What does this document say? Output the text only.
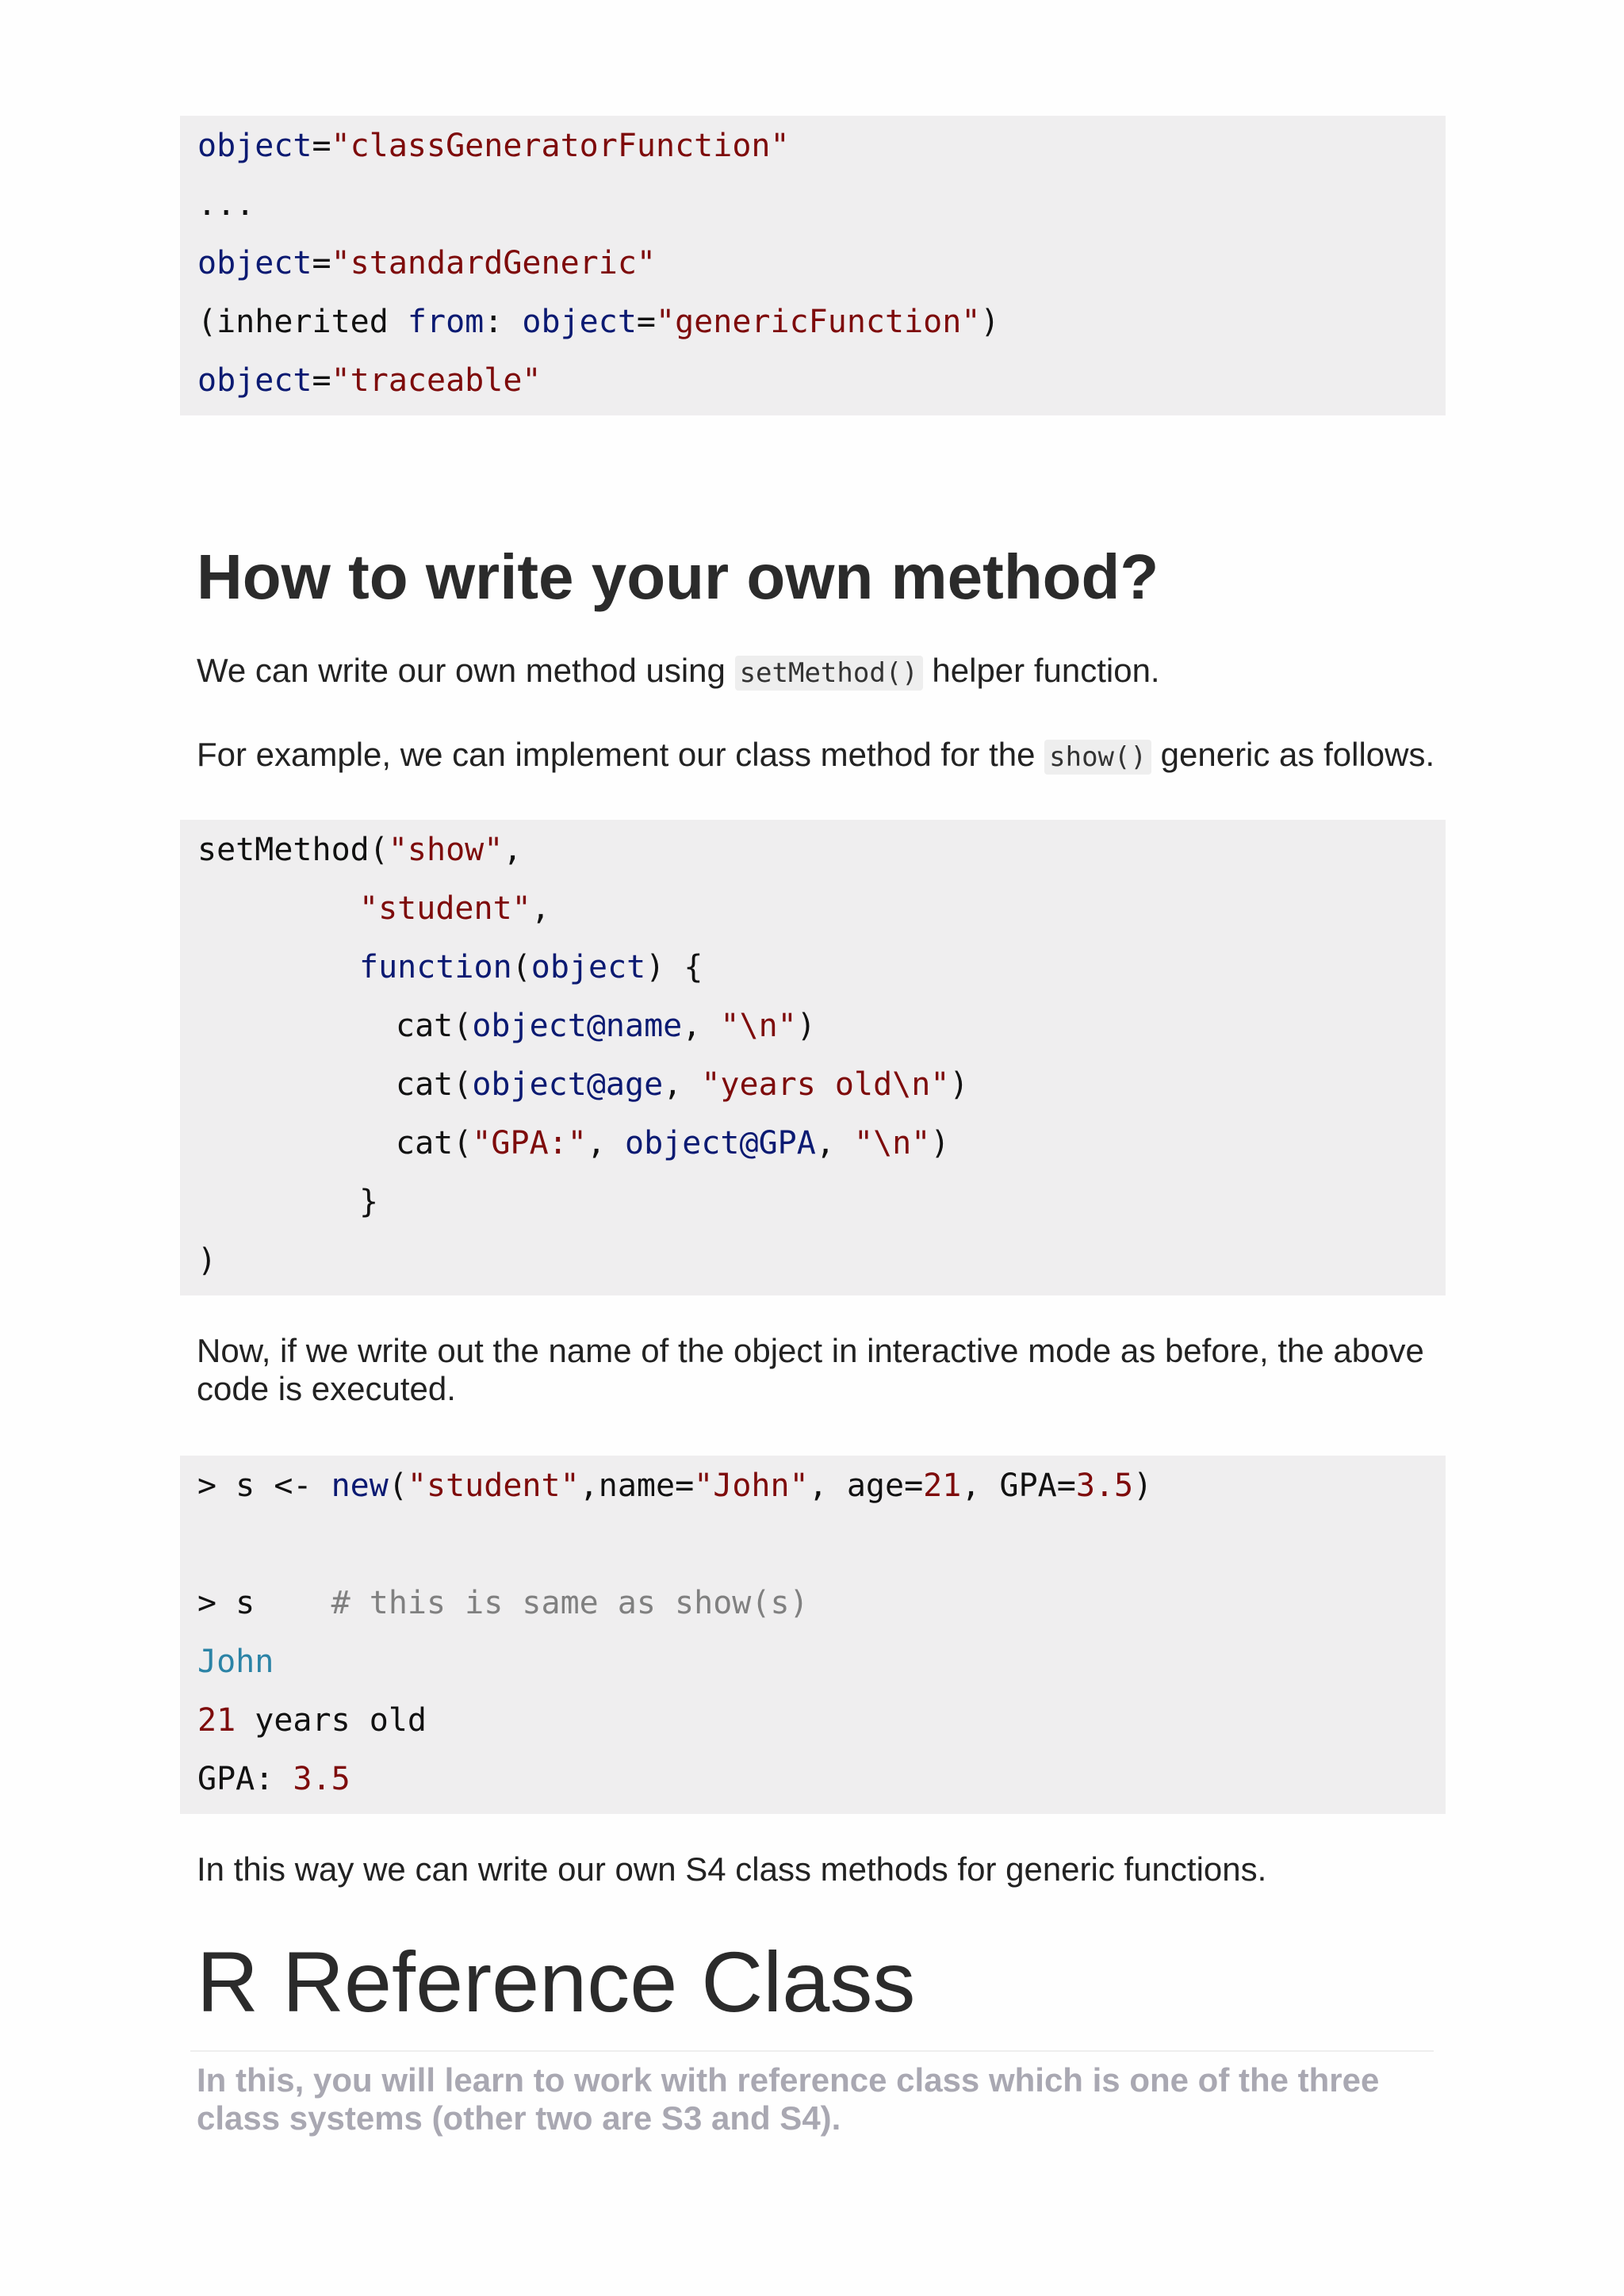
object="classGeneratorFunction"
...
object="standardGeneric"
(inherited from: object="genericFunction")
object="traceable"
How to write your own method?

We can write our own method using setMethod() helper function.

For example, we can implement our class method for the show() generic as follows.

setMethod("show",
"student",
function(object) {
cat(object@name, "\n")
cat(object@age, "years old\n")
cat("GPA:", object@GPA, "\n")
}
)

Now, if we write out the name of the object in interactive mode as before, the above
code is executed.

> s <- new("student",name="John", age=21, GPA=3.5)
> s    # this is same as show(s)
John
21 years old
GPA: 3.5

In this way we can write our own S4 class methods for generic functions.

R Reference Class

In this, you will learn to work with reference class which is one of the three
class systems (other two are S3 and S4).
